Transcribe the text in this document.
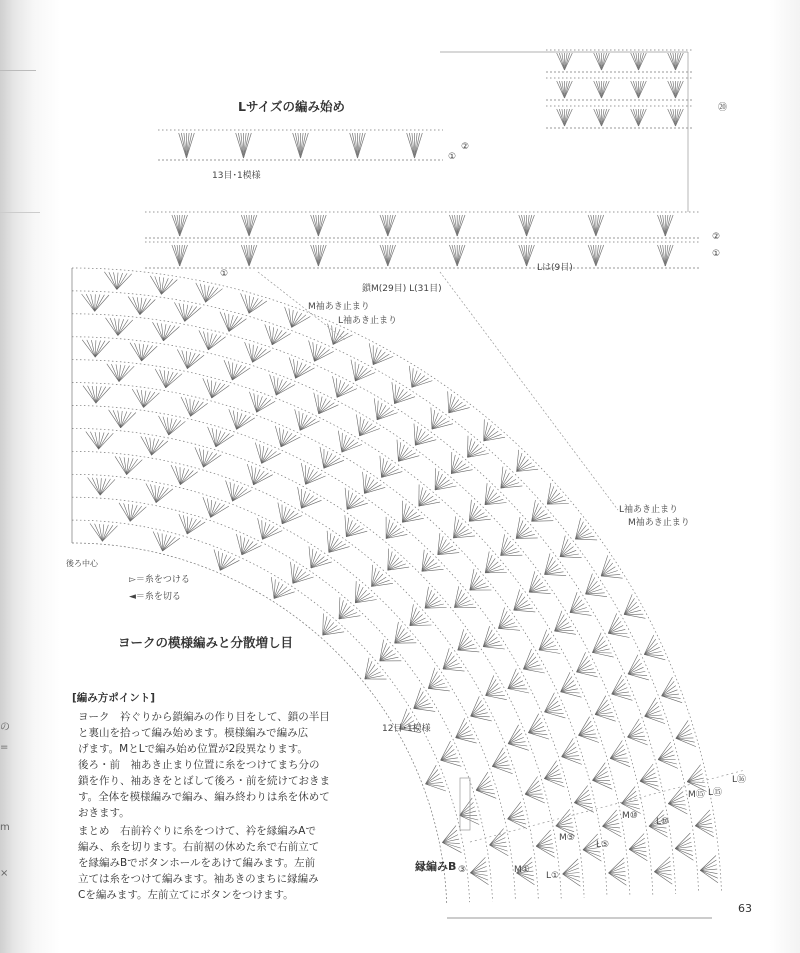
Lサイズの編み始め
ヨークの模様編みと分散増し目
13目･1模様
12目･1模様
鎖M(29目) L(31目)
Lは(9目)
M袖あき止まり
L袖あき止まり
L袖あき止まり
M袖あき止まり
後ろ中心
▻＝糸をつける
◄＝糸を切る
縁編みB
②
①
②
①
①
⑳
③
L⑯
M⑮ L⑮
M⑩
L⑩
M⑤
L⑤
M①
L①
[編み方ポイント]
ヨーク　衿ぐりから鎖編みの作り目をして、鎖の半目
と裏山を拾って編み始めます。模様編みで編み広
げます。MとLで編み始め位置が2段異なります。
後ろ・前　袖あき止まり位置に糸をつけてまち分の
鎖を作り、袖あきをとばして後ろ・前を続けておきま
す。全体を模様編みで編み、編み終わりは糸を休めて
おきます。
まとめ　右前衿ぐりに糸をつけて、衿を縁編みAで
編み、糸を切ります。右前裾の休めた糸で右前立て
を縁編みBでボタンホールをあけて編みます。左前
立ては糸をつけて編みます。袖あきのまちに縁編み
Cを編みます。左前立てにボタンをつけます。
の
=
m
×
63
